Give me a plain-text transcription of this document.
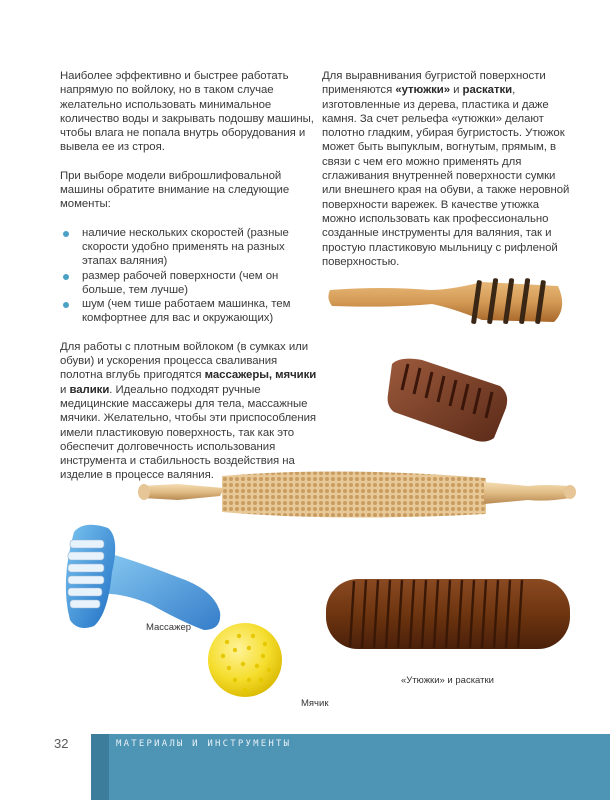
Наиболее эффективно и быстрее работать напрямую по войлоку, но в таком случае желательно использовать минимальное количество воды и закрывать подошву машины, чтобы влага не попала внутрь оборудования и вывела ее из строя.

При выборе модели виброшлифовальной машины обратите внимание на следующие моменты:

наличие нескольких скоростей (разные скорости удобно применять на разных этапах валяния)
размер рабочей поверхности (чем он больше, тем лучше)
шум (чем тише работаем машинка, тем комфортнее для вас и окружающих)

Для работы с плотным войлоком (в сумках или обуви) и ускорения процесса сваливания полотна вглубь пригодятся массажеры, мячики и валики. Идеально подходят ручные медицинские массажеры для тела, массажные мячики. Желательно, чтобы эти приспособления имели пластиковую поверхность, так как это обеспечит долговечность использования инструмента и стабильность воздействия на изделие в процессе валяния.

Для выравнивания бугристой поверхности применяются «утюжки» и раскатки, изготовленные из дерева, пластика и даже камня. За счет рельефа «утюжки» делают полотно гладким, убирая бугристость. Утюжок может быть выпуклым, вогнутым, прямым, в связи с чем его можно применять для сглаживания внутренней поверхности сумки или внешнего края на обуви, а также неровной поверхности варежек. В качестве утюжка можно использовать как профессионально созданные инструменты для валяния, так и простую пластиковую мыльницу с рифленой поверхностью.

Массажер
Мячик
«Утюжки» и раскатки
32	МАТЕРИАЛЫ И ИНСТРУМЕНТЫ
